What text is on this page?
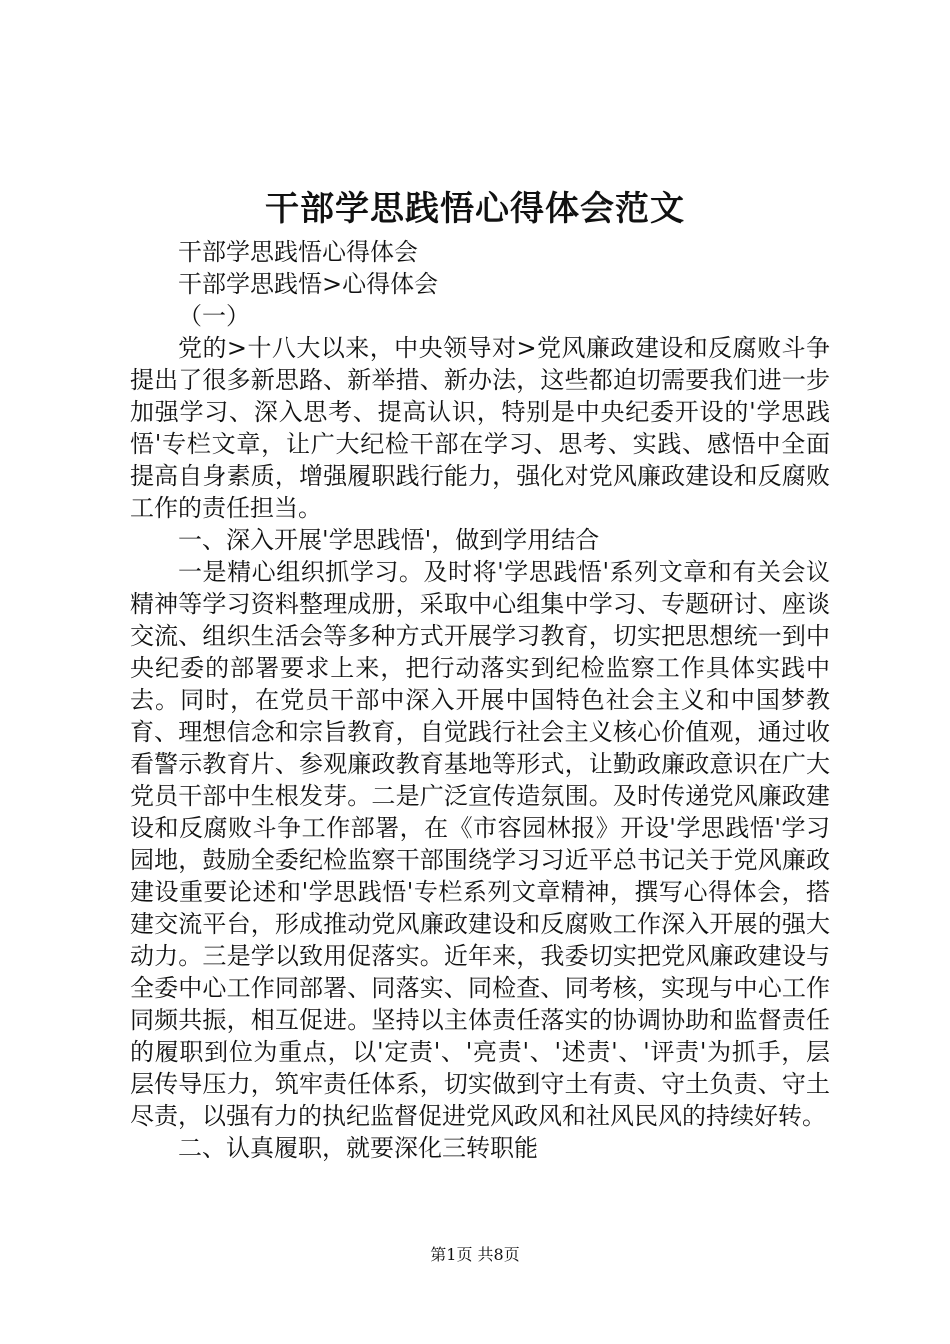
干部学思践悟心得体会范文

干部学思践悟心得体会

干部学思践悟>心得体会

（一）

党的>十八大以来，中央领导对>党风廉政建设和反腐败斗争提出了很多新思路、新举措、新办法，这些都迫切需要我们进一步加强学习、深入思考、提高认识，特别是中央纪委开设的'学思践悟'专栏文章，让广大纪检干部在学习、思考、实践、感悟中全面提高自身素质，增强履职践行能力，强化对党风廉政建设和反腐败工作的责任担当。

一、深入开展'学思践悟'，做到学用结合

一是精心组织抓学习。及时将'学思践悟'系列文章和有关会议精神等学习资料整理成册，采取中心组集中学习、专题研讨、座谈交流、组织生活会等多种方式开展学习教育，切实把思想统一到中央纪委的部署要求上来，把行动落实到纪检监察工作具体实践中去。同时，在党员干部中深入开展中国特色社会主义和中国梦教育、理想信念和宗旨教育，自觉践行社会主义核心价值观，通过收看警示教育片、参观廉政教育基地等形式，让勤政廉政意识在广大党员干部中生根发芽。二是广泛宣传造氛围。及时传递党风廉政建设和反腐败斗争工作部署，在《市容园林报》开设'学思践悟'学习园地，鼓励全委纪检监察干部围绕学习习近平总书记关于党风廉政建设重要论述和'学思践悟'专栏系列文章精神，撰写心得体会，搭建交流平台，形成推动党风廉政建设和反腐败工作深入开展的强大动力。三是学以致用促落实。近年来，我委切实把党风廉政建设与全委中心工作同部署、同落实、同检查、同考核，实现与中心工作同频共振，相互促进。坚持以主体责任落实的协调协助和监督责任的履职到位为重点，以'定责'、'亮责'、'述责'、'评责'为抓手，层层传导压力，筑牢责任体系，切实做到守土有责、守土负责、守土尽责，以强有力的执纪监督促进党风政风和社风民风的持续好转。

二、认真履职，就要深化三转职能

第1页 共8页
